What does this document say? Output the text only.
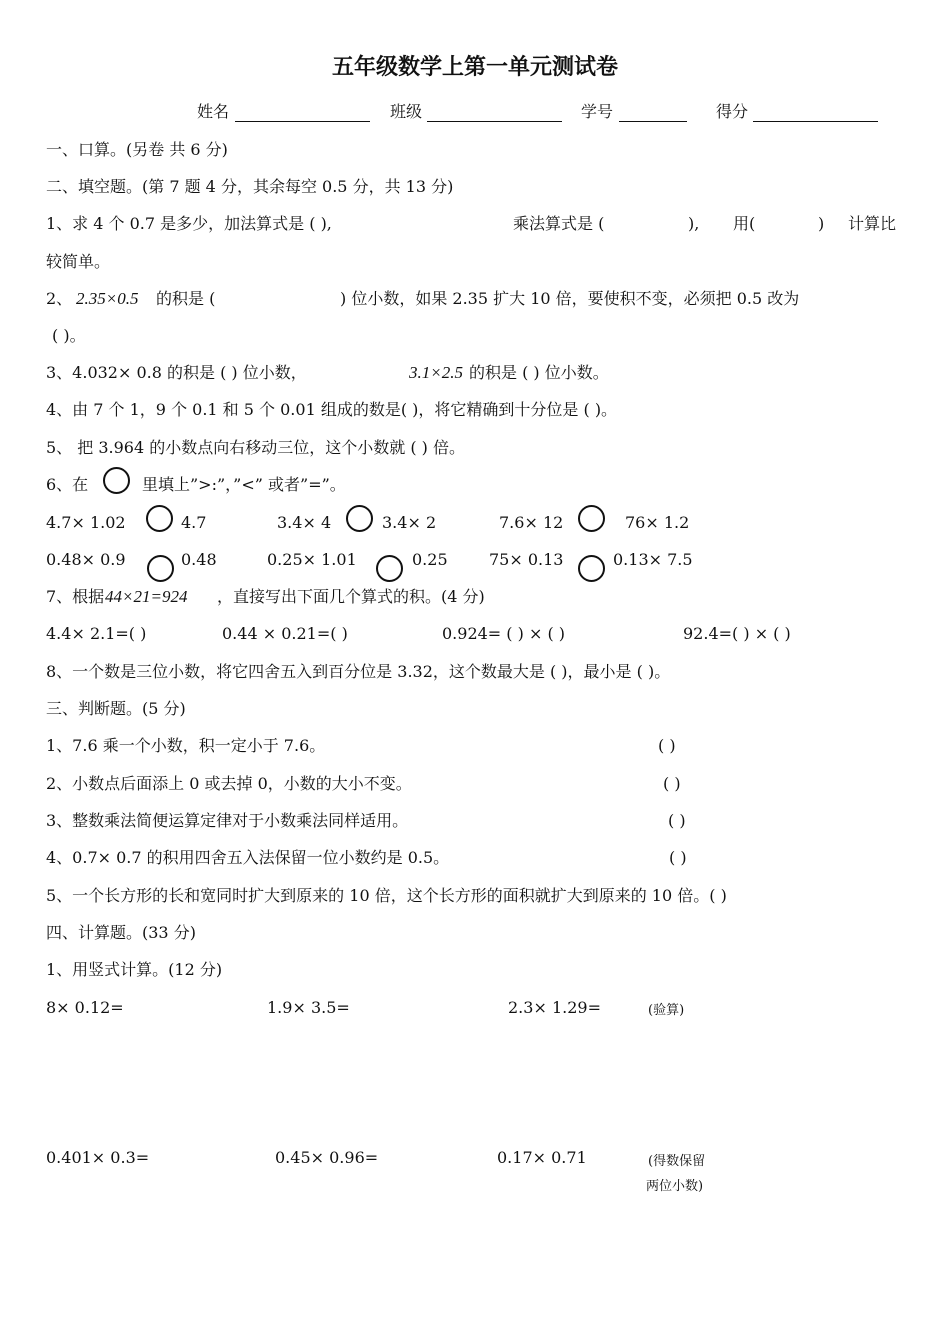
五年级数学上第一单元测试卷
姓名	班级	学号	得分
一、口算。(另卷 共 6 分)
二、填空题。(第 7 题 4 分，其余每空 0.5 分，共 13 分)
1、求 4 个 0.7 是多少，加法算式是 ( ),	乘法算式是 (	), 用(	) 计算比
较简单。
2、 2.35×0.5 的积是 (	) 位小数，如果 2.35 扩大 10 倍，要使积不变，必须把 0.5 改为
( )。
3、4.032× 0.8 的积是 ( ) 位小数，	3.1×2.5 的积是 ( ) 位小数。
4、由 7 个 1，9 个 0.1 和 5 个 0.01 组成的数是( )，将它精确到十分位是 ( )。
5、 把 3.964 的小数点向右移动三位，这个小数就 ( ) 倍。
6、在	里填上”>:”，”<” 或者”=”。
4.7× 1.02	4.7	3.4× 4	3.4× 2	7.6× 12	76× 1.2
0.48× 0.9	0.48	0.25× 1.01	0.25	75× 0.13	0.13× 7.5
7、根据 44×21=924 ，直接写出下面几个算式的积。(4 分)
4.4× 2.1=( )	0.44 × 0.21=( )	0.924= ( ) × ( )	92.4=( ) × ( )
8、一个数是三位小数，将它四舍五入到百分位是 3.32，这个数最大是 ( )，最小是 ( )。
三、判断题。(5 分)
1、7.6 乘一个小数，积一定小于 7.6。	( )
2、小数点后面添上 0 或去掉 0，小数的大小不变。	( )
3、整数乘法简便运算定律对于小数乘法同样适用。	( )
4、0.7× 0.7 的积用四舍五入法保留一位小数约是 0.5。	( )
5、一个长方形的长和宽同时扩大到原来的 10 倍，这个长方形的面积就扩大到原来的 10 倍。( )
四、计算题。(33 分)
1、用竖式计算。(12 分)
8× 0.12=	1.9× 3.5=	2.3× 1.29=	(验算)
0.401× 0.3=	0.45× 0.96=	0.17× 0.71	(得数保留
两位小数)
